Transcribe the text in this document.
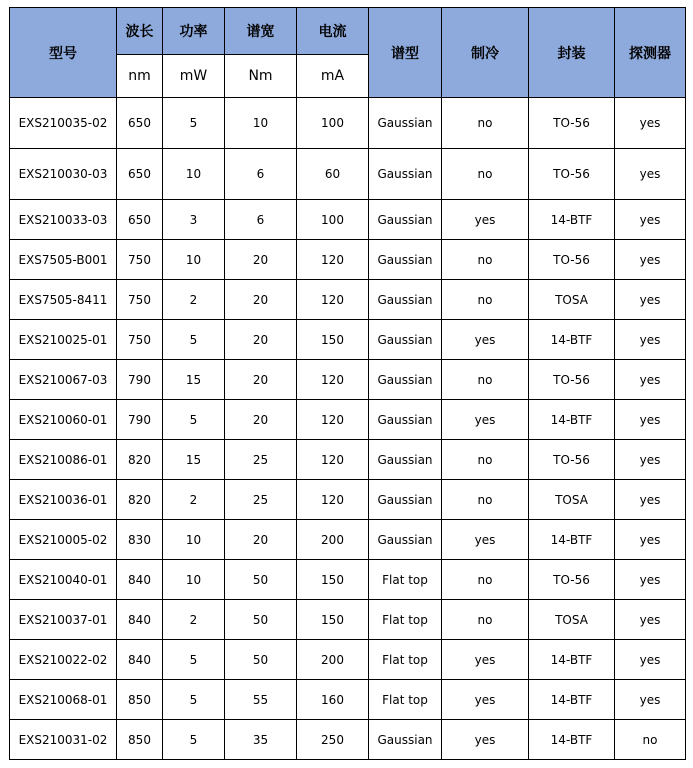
型号	波长	功率	谱宽	电流	谱型	制冷	封装	探测器
	nm	mW	Nm	mA				
EXS210035-02	650	5	10	100	Gaussian	no	TO-56	yes
EXS210030-03	650	10	6	60	Gaussian	no	TO-56	yes
EXS210033-03	650	3	6	100	Gaussian	yes	14-BTF	yes
EXS7505-B001	750	10	20	120	Gaussian	no	TO-56	yes
EXS7505-8411	750	2	20	120	Gaussian	no	TOSA	yes
EXS210025-01	750	5	20	150	Gaussian	yes	14-BTF	yes
EXS210067-03	790	15	20	120	Gaussian	no	TO-56	yes
EXS210060-01	790	5	20	120	Gaussian	yes	14-BTF	yes
EXS210086-01	820	15	25	120	Gaussian	no	TO-56	yes
EXS210036-01	820	2	25	120	Gaussian	no	TOSA	yes
EXS210005-02	830	10	20	200	Gaussian	yes	14-BTF	yes
EXS210040-01	840	10	50	150	Flat top	no	TO-56	yes
EXS210037-01	840	2	50	150	Flat top	no	TOSA	yes
EXS210022-02	840	5	50	200	Flat top	yes	14-BTF	yes
EXS210068-01	850	5	55	160	Flat top	yes	14-BTF	yes
EXS210031-02	850	5	35	250	Gaussian	yes	14-BTF	no
